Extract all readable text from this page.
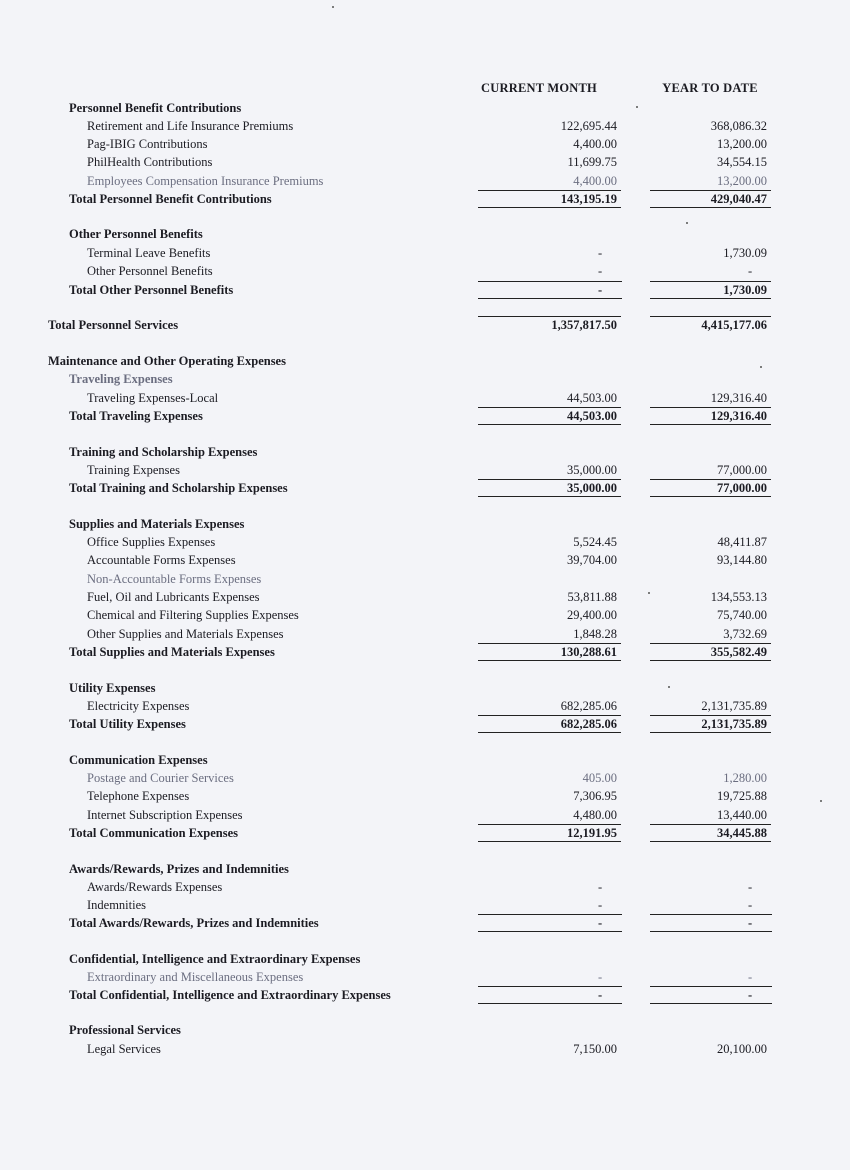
CURRENT MONTH	YEAR TO DATE
Personnel Benefit Contributions
Retirement and Life Insurance Premiums	122,695.44	368,086.32
Pag-IBIG Contributions	4,400.00	13,200.00
PhilHealth Contributions	11,699.75	34,554.15
Employees Compensation Insurance Premiums	4,400.00	13,200.00
Total Personnel Benefit Contributions	143,195.19	429,040.47
Other Personnel Benefits
Terminal Leave Benefits	-	1,730.09
Other Personnel Benefits	-	-
Total Other Personnel Benefits	-	1,730.09
Total Personnel Services	1,357,817.50	4,415,177.06
Maintenance and Other Operating Expenses
Traveling Expenses
Traveling Expenses-Local	44,503.00	129,316.40
Total Traveling Expenses	44,503.00	129,316.40
Training and Scholarship Expenses
Training Expenses	35,000.00	77,000.00
Total Training and Scholarship Expenses	35,000.00	77,000.00
Supplies and Materials Expenses
Office Supplies Expenses	5,524.45	48,411.87
Accountable Forms Expenses	39,704.00	93,144.80
Non-Accountable Forms Expenses
Fuel, Oil and Lubricants Expenses	53,811.88	134,553.13
Chemical and Filtering Supplies Expenses	29,400.00	75,740.00
Other Supplies and Materials Expenses	1,848.28	3,732.69
Total Supplies and Materials Expenses	130,288.61	355,582.49
Utility Expenses
Electricity Expenses	682,285.06	2,131,735.89
Total Utility Expenses	682,285.06	2,131,735.89
Communication Expenses
Postage and Courier Services	405.00	1,280.00
Telephone Expenses	7,306.95	19,725.88
Internet Subscription Expenses	4,480.00	13,440.00
Total Communication Expenses	12,191.95	34,445.88
Awards/Rewards, Prizes and Indemnities
Awards/Rewards Expenses	-	-
Indemnities	-	-
Total Awards/Rewards, Prizes and Indemnities	-	-
Confidential, Intelligence and Extraordinary Expenses
Extraordinary and Miscellaneous Expenses	-	-
Total Confidential, Intelligence and Extraordinary Expenses	-	-
Professional Services
Legal Services	7,150.00	20,100.00
